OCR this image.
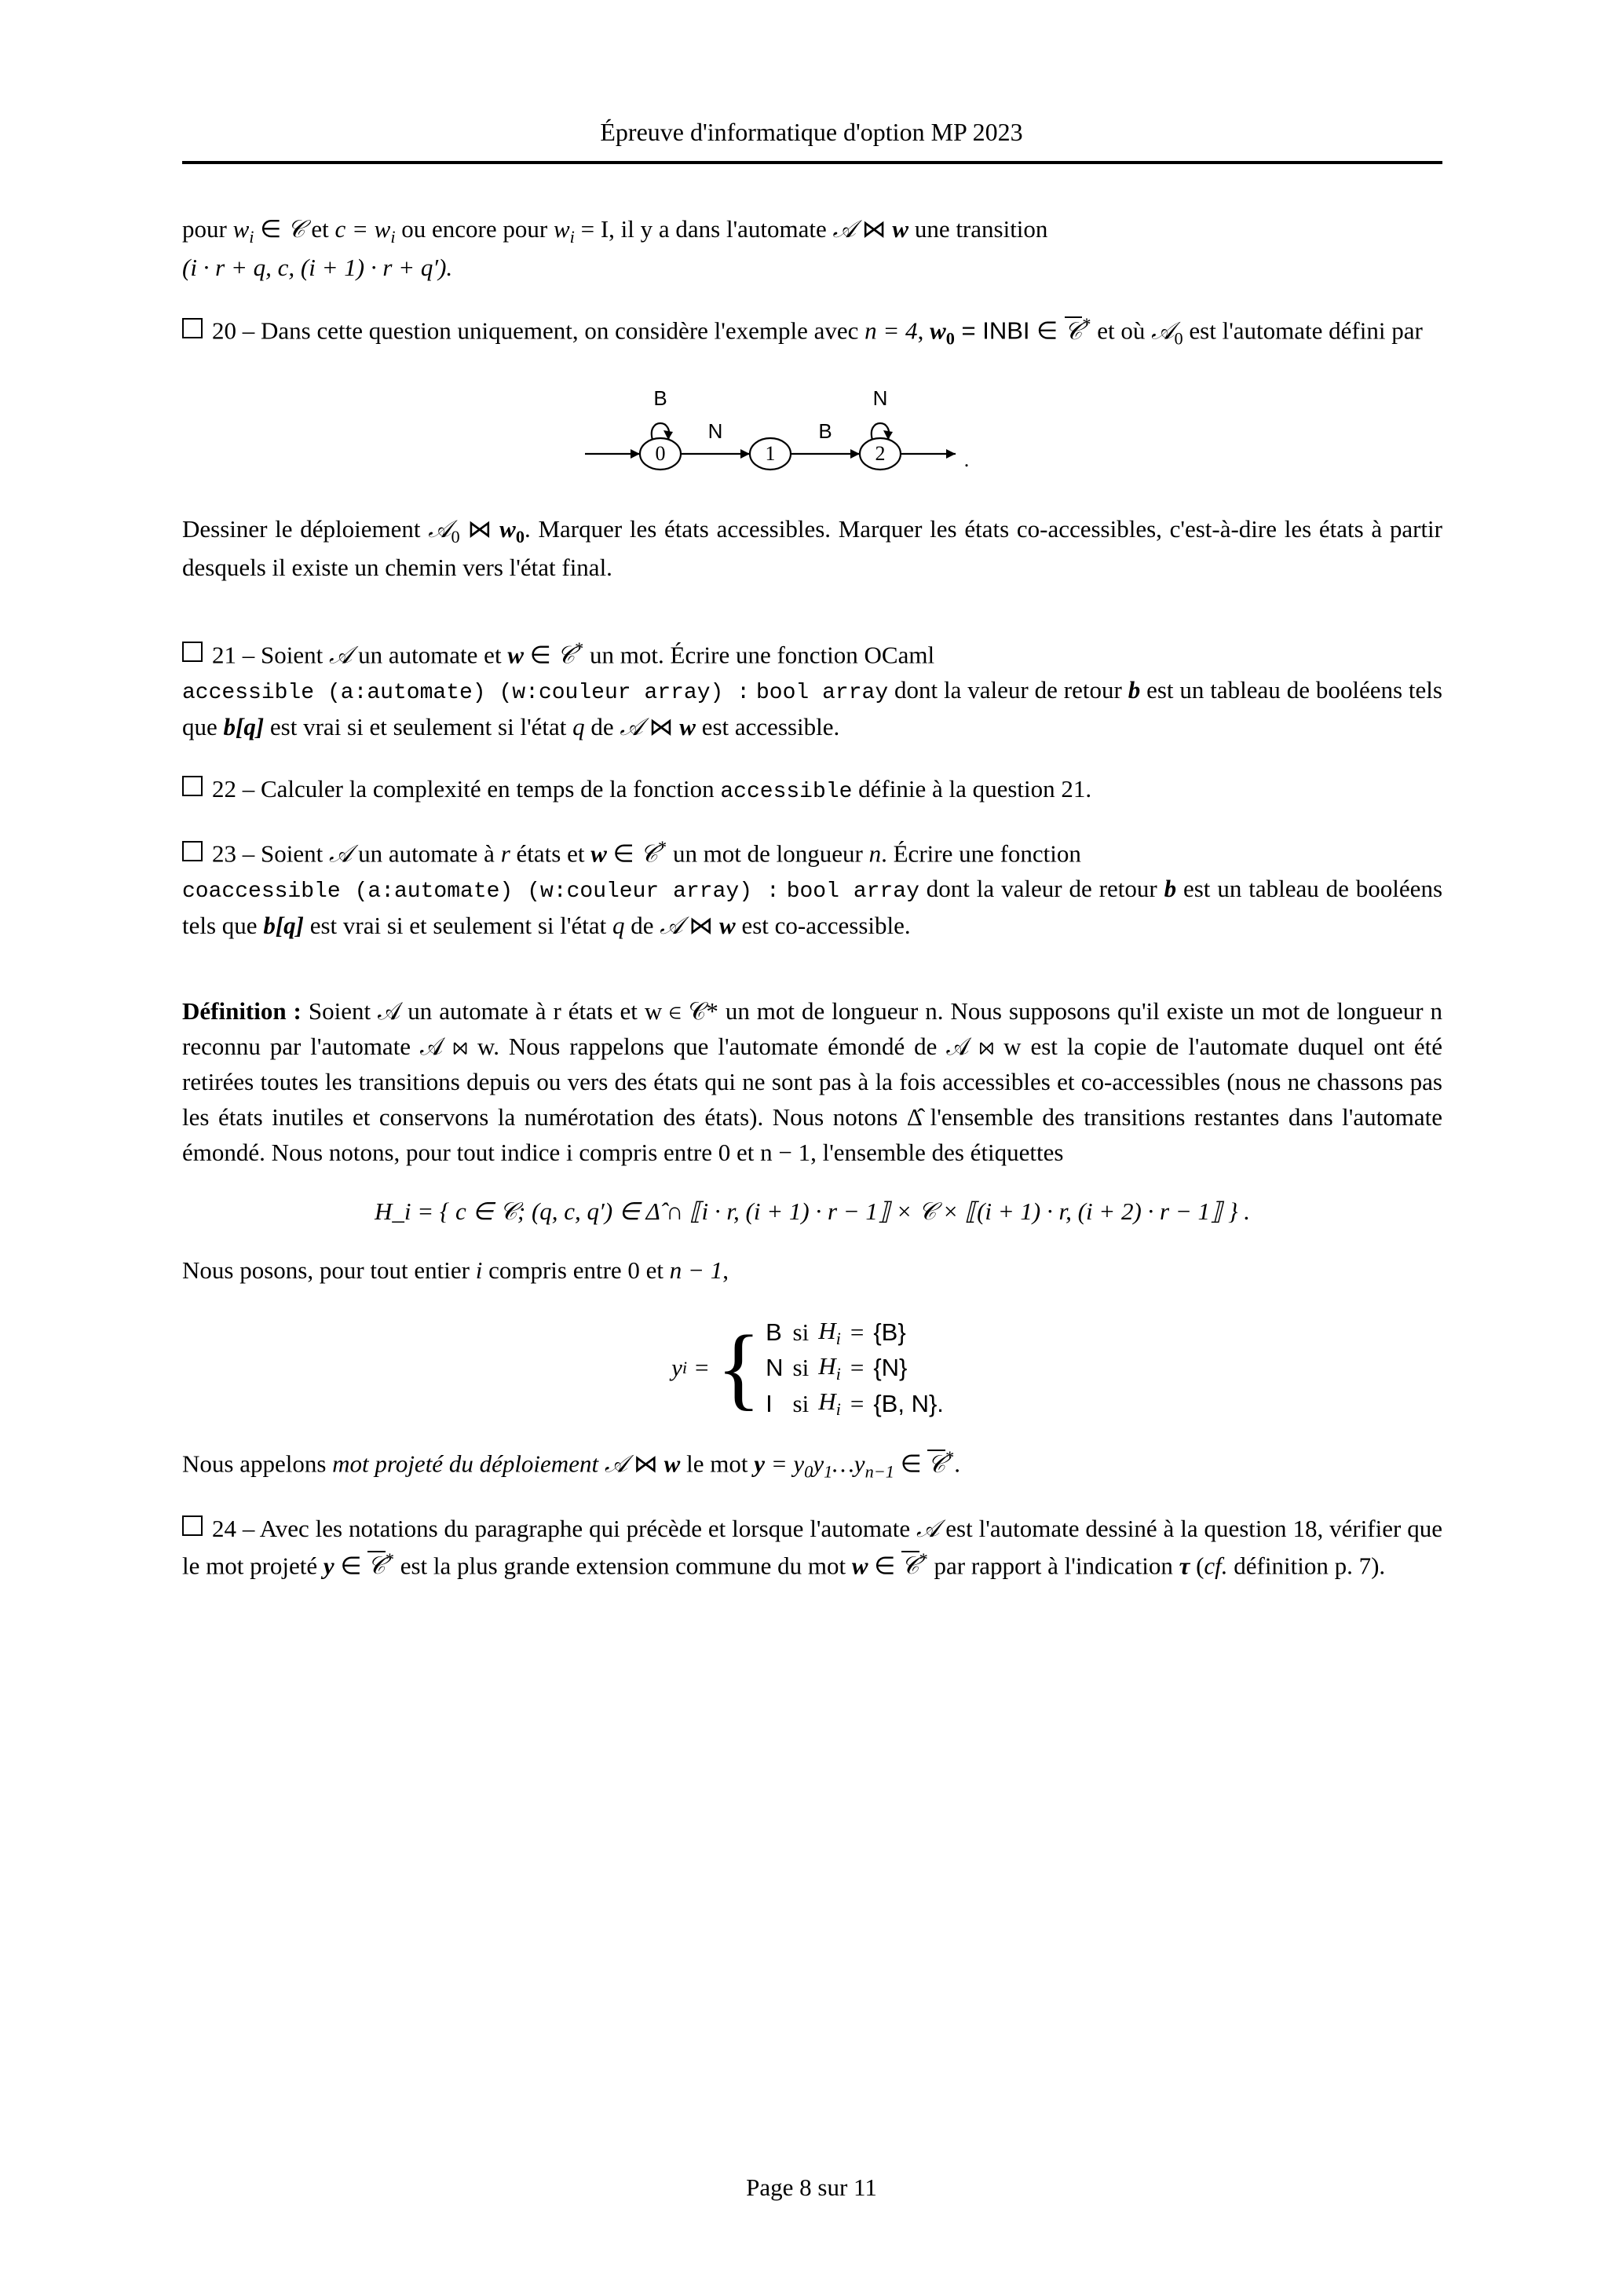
Épreuve d'informatique d'option MP 2023

pour $w_i$ ∈ 𝒞 et $c = w_i$ ou encore pour $w_i = I$, il y a dans l'automate 𝒜 ⋈ w une transition
(i · r + q, c, (i + 1) · r + q′).

20 – Dans cette question uniquement, on considère l'exemple avec n = 4, $w_0$ = INBI ∈ 𝒞* et où 𝒜$_0$ est l'automate défini par

0
B
N
1
B
2
N
.

Dessiner le déploiement 𝒜$_0$ ⋈ $w_0$. Marquer les états accessibles. Marquer les états co-accessibles, c'est-à-dire les états à partir desquels il existe un chemin vers l'état final.

21 – Soient 𝒜 un automate et w ∈ 𝒞* un mot. Écrire une fonction OCaml
accessible (a:automate) (w:couleur array) : bool array dont la valeur de retour b est un tableau de booléens tels que b[q] est vrai si et seulement si l'état q de 𝒜 ⋈ w est accessible.

22 – Calculer la complexité en temps de la fonction accessible définie à la question 21.

23 – Soient 𝒜 un automate à r états et w ∈ 𝒞* un mot de longueur n. Écrire une fonction
coaccessible (a:automate) (w:couleur array) : bool array dont la valeur de retour b est un tableau de booléens tels que b[q] est vrai si et seulement si l'état q de 𝒜 ⋈ w est co-accessible.

Définition : Soient 𝒜 un automate à r états et w ∈ 𝒞* un mot de longueur n. Nous supposons qu'il existe un mot de longueur n reconnu par l'automate 𝒜 ⋈ w. Nous rappelons que l'automate émondé de 𝒜 ⋈ w est la copie de l'automate duquel ont été retirées toutes les transitions depuis ou vers des états qui ne sont pas à la fois accessibles et co-accessibles (nous ne chassons pas les états inutiles et conservons la numérotation des états). Nous notons Δ̂ l'ensemble des transitions restantes dans l'automate émondé. Nous notons, pour tout indice i compris entre 0 et n − 1, l'ensemble des étiquettes

H_i = { c ∈ 𝒞; (q, c, q′) ∈ Δ̂ ∩ ⟦i · r, (i + 1) · r − 1⟧ × 𝒞 × ⟦(i + 1) · r, (i + 2) · r − 1⟧ } .

Nous posons, pour tout entier i compris entre 0 et n − 1,

y i = { B	si	$H_i$	=	{B}
N	si	$H_i$	=	{N}
I	si	$H_i$	=	{B, N}.

Nous appelons mot projeté du déploiement 𝒜 ⋈ w le mot $y = y_0y_1\dots y_{n-1}$ ∈ 𝒞*.

24 – Avec les notations du paragraphe qui précède et lorsque l'automate 𝒜 est l'automate dessiné à la question 18, vérifier que le mot projeté y ∈ 𝒞* est la plus grande extension commune du mot w ∈ 𝒞* par rapport à l'indication τ (cf. définition p. 7).

Page 8 sur 11
